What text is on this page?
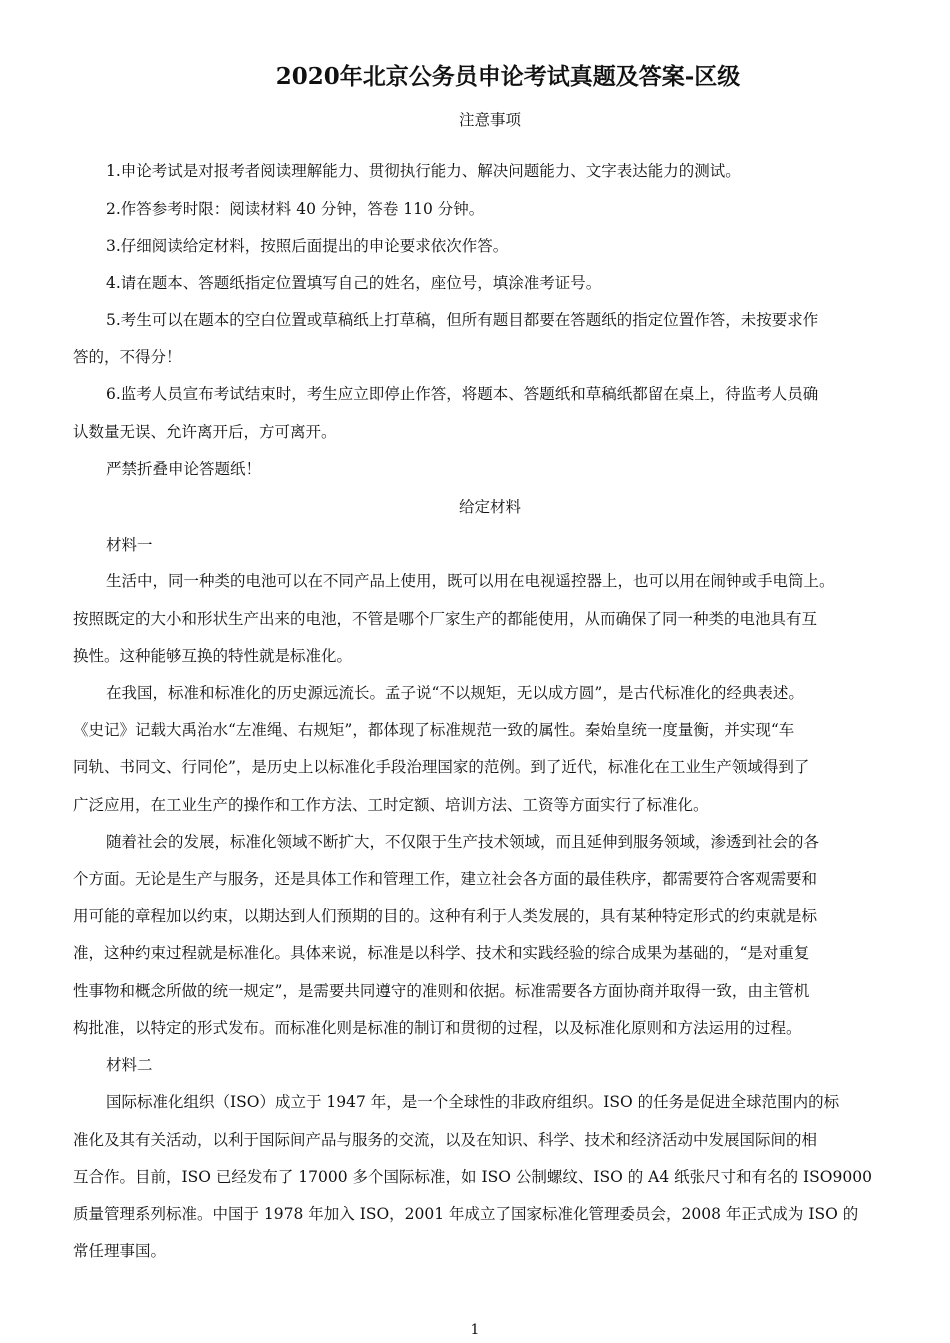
2020年北京公务员申论考试真题及答案-区级
注意事项
1.申论考试是对报考者阅读理解能力、贯彻执行能力、解决问题能力、文字表达能力的测试。
2.作答参考时限：阅读材料 40 分钟，答卷 110 分钟。
3.仔细阅读给定材料，按照后面提出的申论要求依次作答。
4.请在题本、答题纸指定位置填写自己的姓名，座位号，填涂准考证号。
5.考生可以在题本的空白位置或草稿纸上打草稿，但所有题目都要在答题纸的指定位置作答，未按要求作
答的，不得分！
6.监考人员宣布考试结束时，考生应立即停止作答，将题本、答题纸和草稿纸都留在桌上，待监考人员确
认数量无误、允许离开后，方可离开。
严禁折叠申论答题纸！
给定材料
材料一
生活中，同一种类的电池可以在不同产品上使用，既可以用在电视遥控器上，也可以用在闹钟或手电筒上。
按照既定的大小和形状生产出来的电池，不管是哪个厂家生产的都能使用，从而确保了同一种类的电池具有互
换性。这种能够互换的特性就是标准化。
在我国，标准和标准化的历史源远流长。孟子说“不以规矩，无以成方圆”，是古代标准化的经典表述。
《史记》记载大禹治水“左准绳、右规矩”，都体现了标准规范一致的属性。秦始皇统一度量衡，并实现“车
同轨、书同文、行同伦”，是历史上以标准化手段治理国家的范例。到了近代，标准化在工业生产领域得到了
广泛应用，在工业生产的操作和工作方法、工时定额、培训方法、工资等方面实行了标准化。
随着社会的发展，标准化领域不断扩大，不仅限于生产技术领域，而且延伸到服务领域，渗透到社会的各
个方面。无论是生产与服务，还是具体工作和管理工作，建立社会各方面的最佳秩序，都需要符合客观需要和
用可能的章程加以约束，以期达到人们预期的目的。这种有利于人类发展的，具有某种特定形式的约束就是标
准，这种约束过程就是标准化。具体来说，标准是以科学、技术和实践经验的综合成果为基础的，“是对重复
性事物和概念所做的统一规定”，是需要共同遵守的准则和依据。标准需要各方面协商并取得一致，由主管机
构批准，以特定的形式发布。而标准化则是标准的制订和贯彻的过程，以及标准化原则和方法运用的过程。
材料二
国际标准化组织（ISO）成立于 1947 年，是一个全球性的非政府组织。ISO 的任务是促进全球范围内的标
准化及其有关活动，以利于国际间产品与服务的交流，以及在知识、科学、技术和经济活动中发展国际间的相
互合作。目前，ISO 已经发布了 17000 多个国际标准，如 ISO 公制螺纹、ISO 的 A4 纸张尺寸和有名的 ISO9000
质量管理系列标准。中国于 1978 年加入 ISO，2001 年成立了国家标准化管理委员会，2008 年正式成为 ISO 的
常任理事国。
1
